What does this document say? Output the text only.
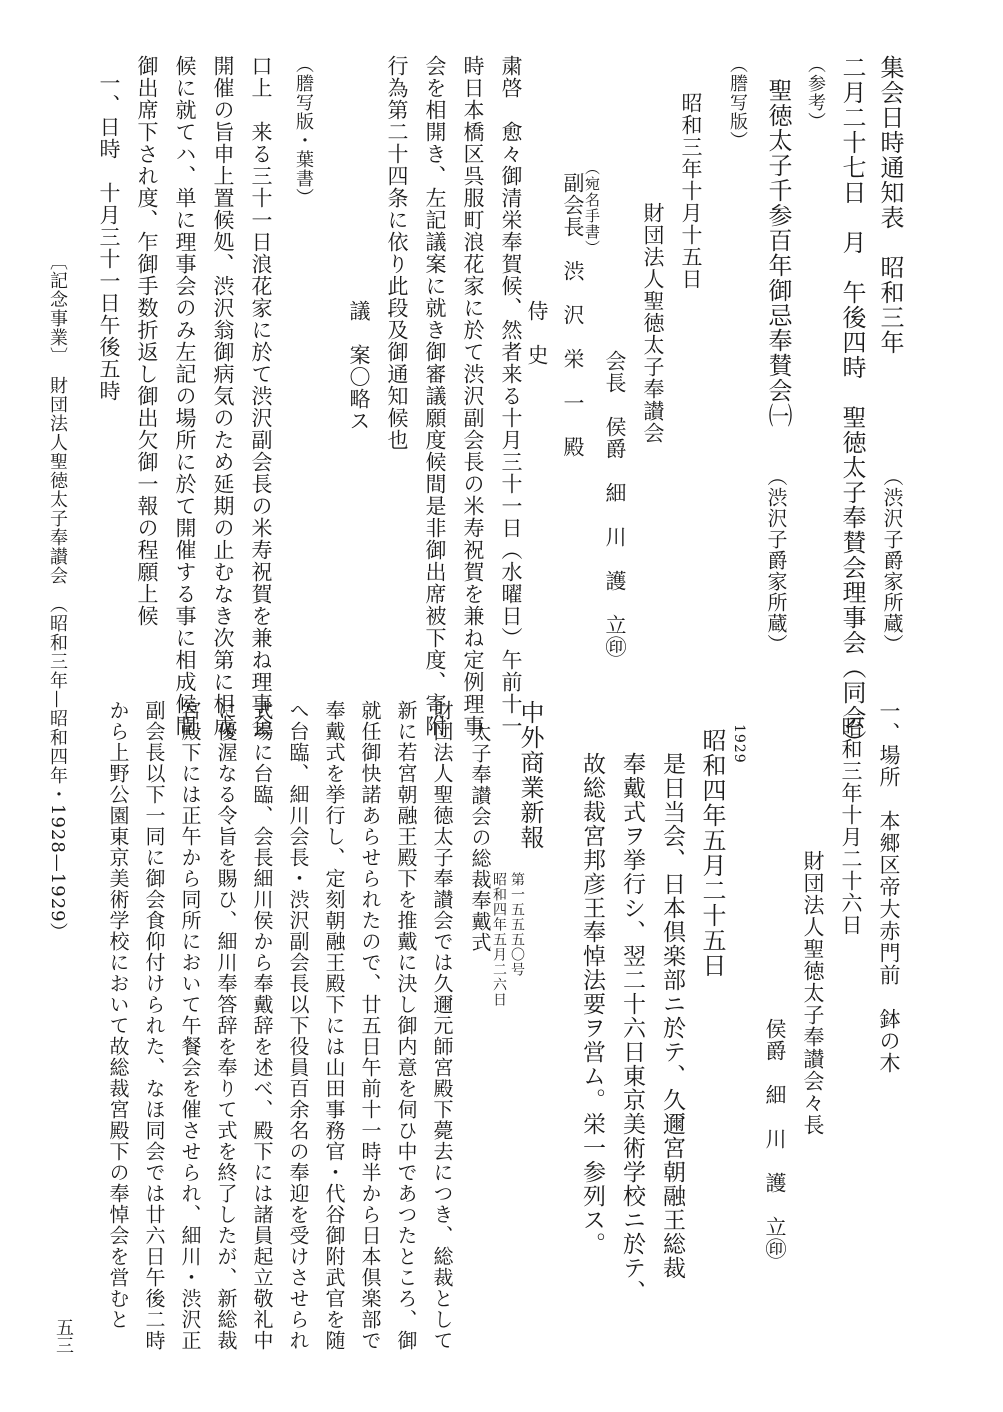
集会日時通知表　昭和三年
（渋沢子爵家所蔵）
二月二十七日　月　午後四時　聖徳太子奉賛会理事会（同会）
（参考）
聖徳太子千参百年御忌奉賛会㈠
（渋沢子爵家所蔵）
（謄写版）
昭和三年十月十五日
財団法人聖徳太子奉讃会
会長　侯爵　細　川　護　立㊞
侍　史
（宛名手書）
副会長　渋　沢　栄　一　殿
粛啓　愈々御清栄奉賀候、然者来る十月三十一日（水曜日）午前十一
時日本橋区呉服町浪花家に於て渋沢副会長の米寿祝賀を兼ね定例理事
会を相開き、左記議案に就き御審議願度候間是非御出席被下度、寄附
行為第二十四条に依り此段及御通知候也
議　案〇略ス
（謄写版・葉書）
口上　来る三十一日浪花家に於て渋沢副会長の米寿祝賀を兼ね理事会
開催の旨申上置候処、渋沢翁御病気のため延期の止むなき次第に相成
候に就てハ、単に理事会のみ左記の場所に於て開催する事に相成候間
御出席下され度、乍御手数折返し御出欠御一報の程願上候
一、日時　十月三十一日午後五時
〔記念事業〕　財団法人聖徳太子奉讃会　（昭和三年—昭和四年・1928—1929）	一、場所　本郷区帝大赤門前　鉢の木
昭和三年十月二十六日
財団法人聖徳太子奉讃会々長
侯爵　細　川　護　立㊞
1929
昭和四年五月二十五日
是日当会、日本倶楽部ニ於テ、久邇宮朝融王総裁
奉戴式ヲ挙行シ、翌二十六日東京美術学校ニ於テ、
故総裁宮邦彦王奉悼法要ヲ営ム。栄一参列ス。
中外商業新報
第一五五五〇号
昭和四年五月二六日
太子奉讃会の総裁奉戴式
財団法人聖徳太子奉讃会では久邇元師宮殿下薨去につき、総裁として
新に若宮朝融王殿下を推戴に決し御内意を伺ひ中であつたところ、御
就任御快諾あらせられたので、廿五日午前十一時半から日本倶楽部で
奉戴式を挙行し、定刻朝融王殿下には山田事務官・代谷御附武官を随
へ台臨、細川会長・渋沢副会長以下役員百余名の奉迎を受けさせられ
式場に台臨、会長細川侯から奉戴辞を述べ、殿下には諸員起立敬礼中
に優渥なる令旨を賜ひ、細川奉答辞を奉りて式を終了したが、新総裁
宮殿下には正午から同所において午餐会を催させられ、細川・渋沢正
副会長以下一同に御会食仰付けられた、なほ同会では廿六日午後二時
から上野公園東京美術学校において故総裁宮殿下の奉悼会を営むと
五三
